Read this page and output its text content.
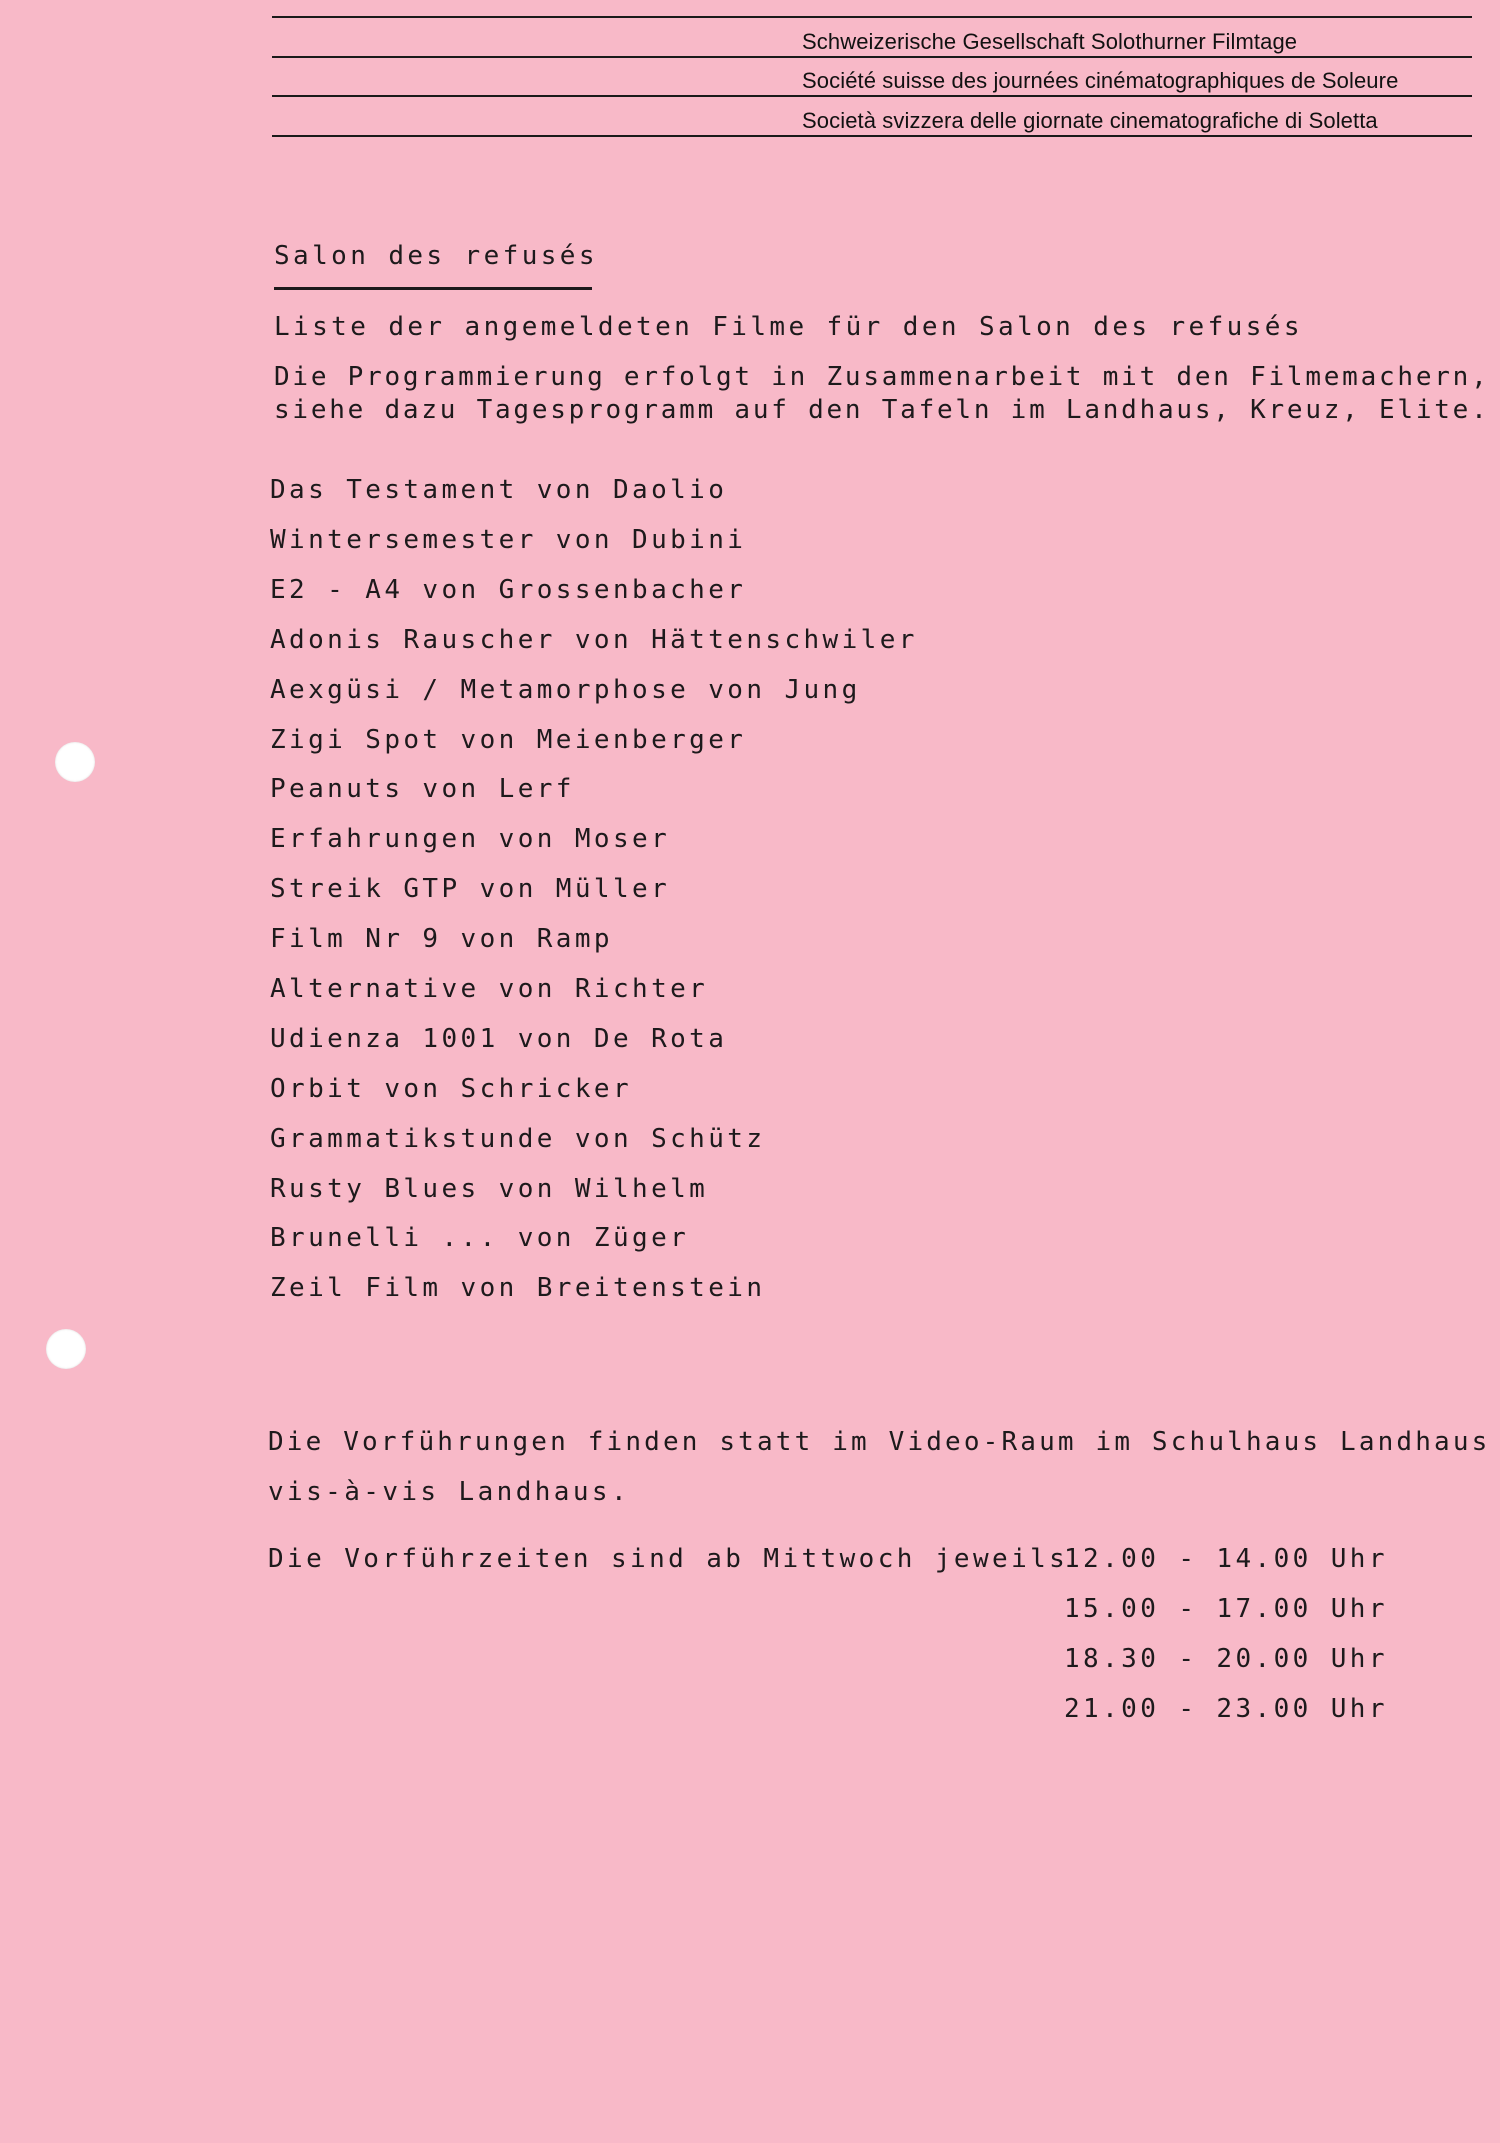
Schweizerische Gesellschaft Solothurner Filmtage
Société suisse des journées cinématographiques de Soleure
Società svizzera delle giornate cinematografiche di Soletta
Salon des refusés
Liste der angemeldeten Filme für den Salon des refusés
Die Programmierung erfolgt in Zusammenarbeit mit den Filmemachern,
siehe dazu Tagesprogramm auf den Tafeln im Landhaus, Kreuz, Elite.
Das Testament von Daolio
Wintersemester von Dubini
E2 - A4 von Grossenbacher
Adonis Rauscher von Hättenschwiler
Aexgüsi / Metamorphose von Jung
Zigi Spot von Meienberger
Peanuts von Lerf
Erfahrungen von Moser
Streik GTP von Müller
Film Nr 9 von Ramp
Alternative von Richter
Udienza 1001 von De Rota
Orbit von Schricker
Grammatikstunde von Schütz
Rusty Blues von Wilhelm
Brunelli ... von Züger
Zeil Film von Breitenstein
Die Vorführungen finden statt im Video-Raum im Schulhaus Landhaus
vis-à-vis Landhaus.
Die Vorführzeiten sind ab Mittwoch jeweils
12.00 - 14.00 Uhr
15.00 - 17.00 Uhr
18.30 - 20.00 Uhr
21.00 - 23.00 Uhr
